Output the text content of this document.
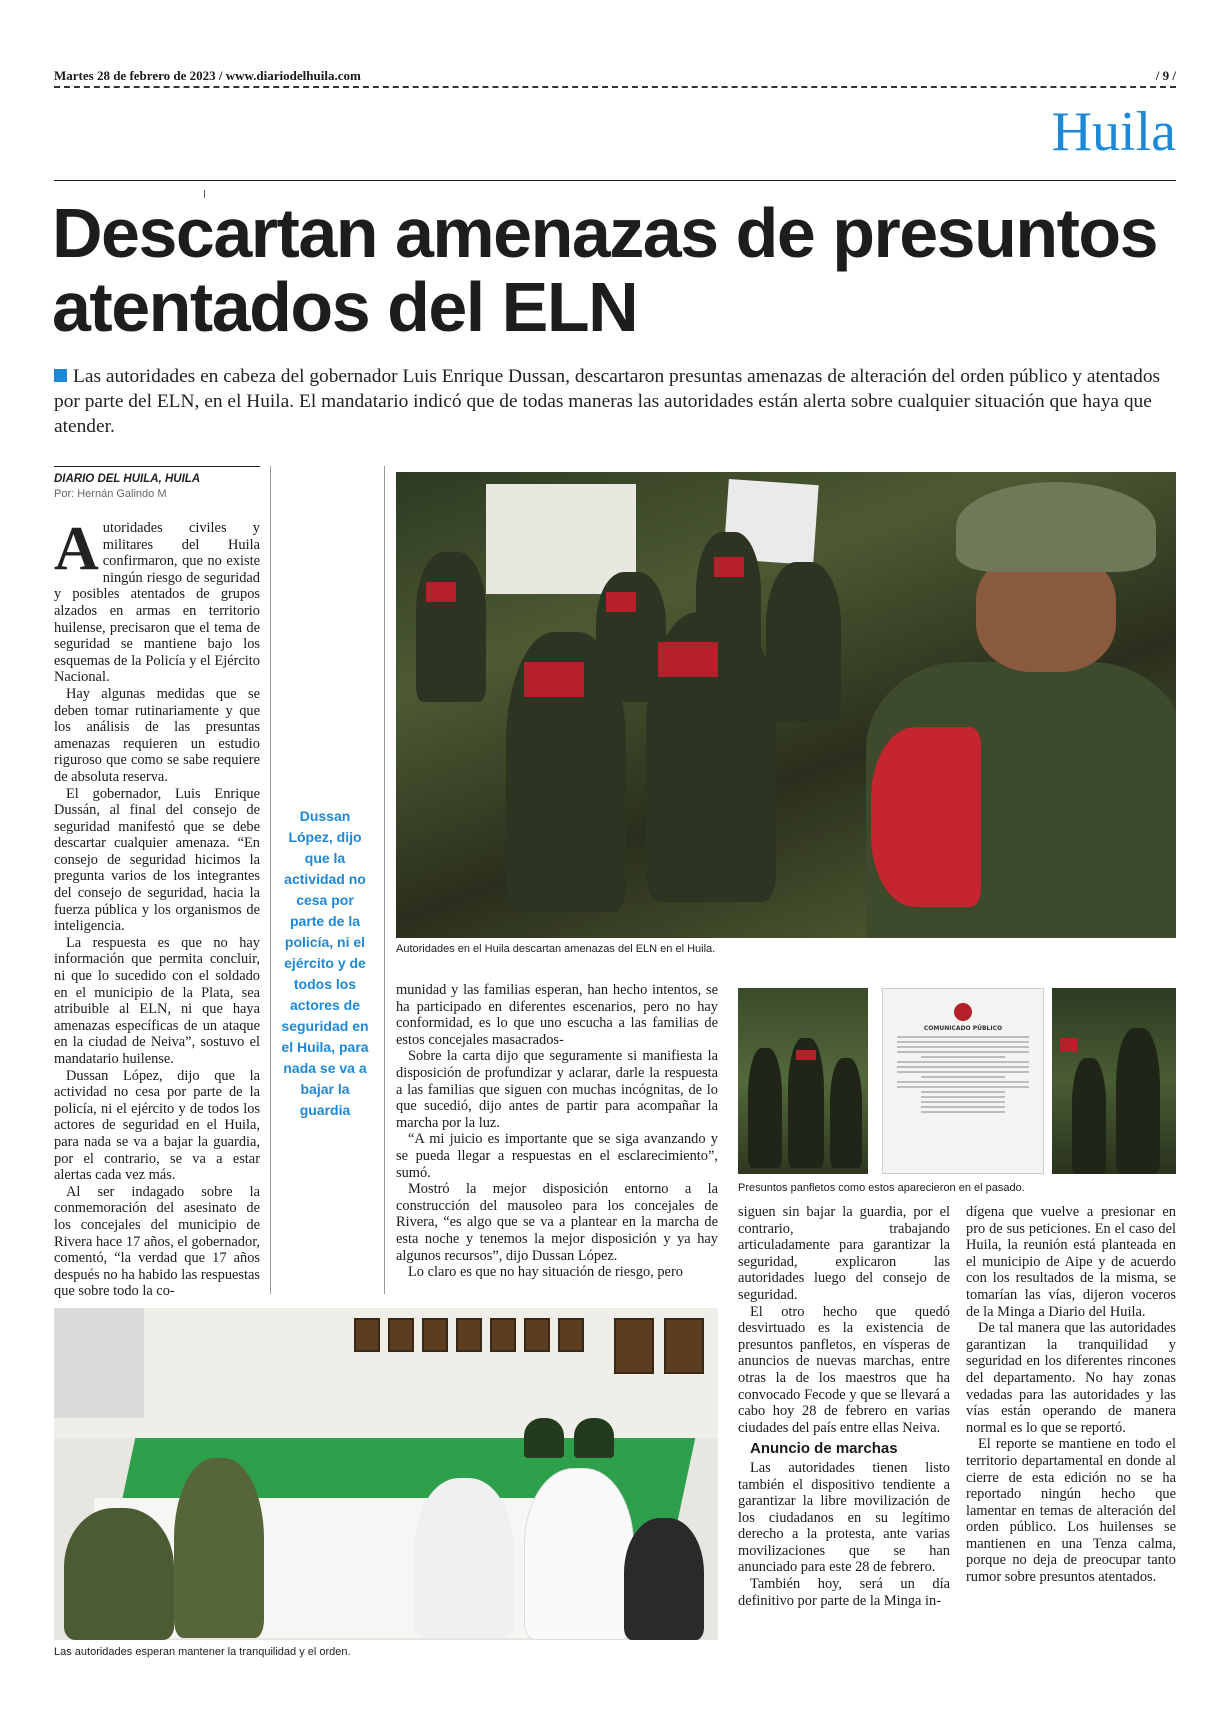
Martes 28 de febrero de 2023 / www.diariodelhuila.com	/ 9 /
Huila
Descartan amenazas de presuntos atentados del ELN
Las autoridades en cabeza del gobernador Luis Enrique Dussan, descartaron presuntas amenazas de alteración del orden público y atentados por parte del ELN, en el Huila. El mandatario indicó que de todas maneras las autoridades están alerta sobre cualquier situación que haya que atender.
DIARIO DEL HUILA, HUILA
Por: Hernán Galindo M

Autoridades civiles y militares del Huila confirmaron, que no existe ningún riesgo de seguridad y posibles atentados de grupos alzados en armas en territorio huilense, precisaron que el tema de seguridad se mantiene bajo los esquemas de la Policía y el Ejército Nacional.

Hay algunas medidas que se deben tomar rutinariamente y que los análisis de las presuntas amenazas requieren un estudio riguroso que como se sabe requiere de absoluta reserva.

El gobernador, Luis Enrique Dussán, al final del consejo de seguridad manifestó que se debe descartar cualquier amenaza. “En consejo de seguridad hicimos la pregunta varios de los integrantes del consejo de seguridad, hacia la fuerza pública y los organismos de inteligencia.

La respuesta es que no hay información que permita concluir, ni que lo sucedido con el soldado en el municipio de la Plata, sea atribuible al ELN, ni que haya amenazas específicas de un ataque en la ciudad de Neiva”, sostuvo el mandatario huilense.

Dussan López, dijo que la actividad no cesa por parte de la policía, ni el ejército y de todos los actores de seguridad en el Huila, para nada se va a bajar la guardia, por el contrario, se va a estar alertas cada vez más.

Al ser indagado sobre la conmemoración del asesinato de los concejales del municipio de Rivera hace 17 años, el gobernador, comentó, “la verdad que 17 años después no ha habido las respuestas que sobre todo la co-

Dussan López, dijo que la actividad no cesa por parte de la policía, ni el ejército y de todos los actores de seguridad en el Huila, para nada se va a bajar la guardia
Autoridades en el Huila descartan amenazas del ELN en el Huila.

munidad y las familias esperan, han hecho intentos, se ha participado en diferentes escenarios, pero no hay conformidad, es lo que uno escucha a las familias de estos concejales masacrados-

Sobre la carta dijo que seguramente si manifiesta la disposición de profundizar y aclarar, darle la respuesta a las familias que siguen con muchas incógnitas, de lo que sucedió, dijo antes de partir para acompañar la marcha por la luz.

“A mi juicio es importante que se siga avanzando y se pueda llegar a respuestas en el esclarecimiento”, sumó.

Mostró la mejor disposición entorno a la construcción del mausoleo para los concejales de Rivera, “es algo que se va a plantear en la marcha de esta noche y tenemos la mejor disposición y ya hay algunos recursos”, dijo Dussan López.

Lo claro es que no hay situación de riesgo, pero

COMUNICADO PÚBLICO
Presuntos panfletos como estos aparecieron en el pasado.

siguen sin bajar la guardia, por el contrario, trabajando articuladamente para garantizar la seguridad, explicaron las autoridades luego del consejo de seguridad.

El otro hecho que quedó desvirtuado es la existencia de presuntos panfletos, en vísperas de anuncios de nuevas marchas, entre otras la de los maestros que ha convocado Fecode y que se llevará a cabo hoy 28 de febrero en varias ciudades del país entre ellas Neiva.

Anuncio de marchas

Las autoridades tienen listo también el dispositivo tendiente a garantizar la libre movilización de los ciudadanos en su legítimo derecho a la protesta, ante varias movilizaciones que se han anunciado para este 28 de febrero.

También hoy, será un día definitivo por parte de la Minga in-

dígena que vuelve a presionar en pro de sus peticiones. En el caso del Huila, la reunión está planteada en el municipio de Aipe y de acuerdo con los resultados de la misma, se tomarían las vías, dijeron voceros de la Minga a Diario del Huila.

De tal manera que las autoridades garantizan la tranquilidad y seguridad en los diferentes rincones del departamento. No hay zonas vedadas para las autoridades y las vías están operando de manera normal es lo que se reportó.

El reporte se mantiene en todo el territorio departamental en donde al cierre de esta edición no se ha reportado ningún hecho que lamentar en temas de alteración del orden público. Los huilenses se mantienen en una Tenza calma, porque no deja de preocupar tanto rumor sobre presuntos atentados.

Las autoridades esperan mantener la tranquilidad y el orden.
